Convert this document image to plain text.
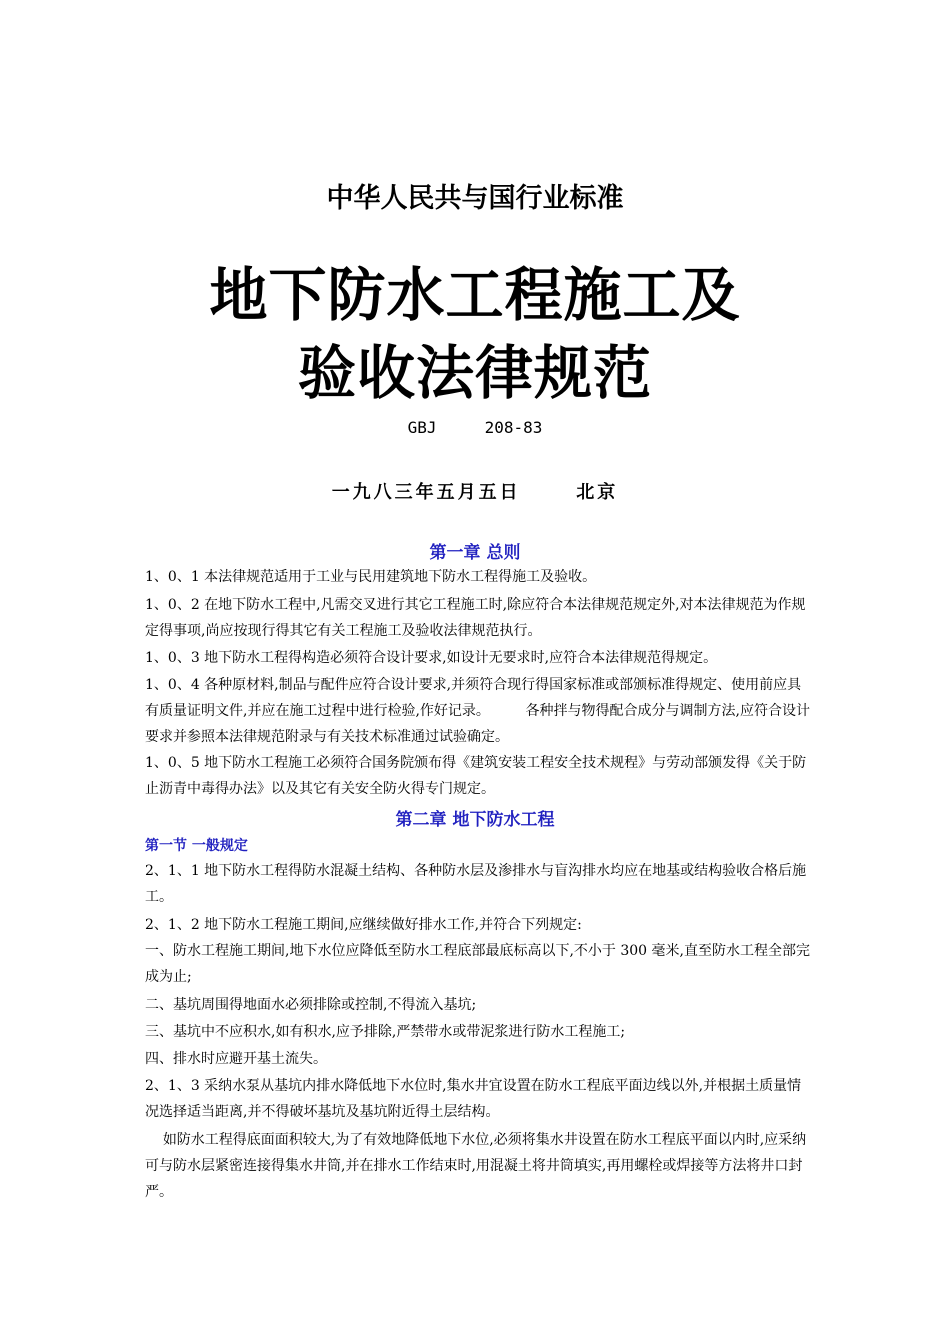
中华人民共与国行业标准
地下防水工程施工及
验收法律规范
GBJ     208-83
一九八三年五月五日      北京
第一章 总则
1、0、1 本法律规范适用于工业与民用建筑地下防水工程得施工及验收。
1、0、2 在地下防水工程中,凡需交叉进行其它工程施工时,除应符合本法律规范规定外,对本法律规范为作规定得事项,尚应按现行得其它有关工程施工及验收法律规范执行。
1、0、3 地下防水工程得构造必须符合设计要求,如设计无要求时,应符合本法律规范得规定。
1、0、4 各种原材料,制品与配件应符合设计要求,并须符合现行得国家标准或部颁标准得规定、使用前应具有质量证明文件,并应在施工过程中进行检验,作好记录。        各种拌与物得配合成分与调制方法,应符合设计要求并参照本法律规范附录与有关技术标准通过试验确定。
1、0、5 地下防水工程施工必须符合国务院颁布得《建筑安装工程安全技术规程》与劳动部颁发得《关于防止沥青中毒得办法》以及其它有关安全防火得专门规定。
第二章 地下防水工程
第一节 一般规定
2、1、1 地下防水工程得防水混凝土结构、各种防水层及渗排水与盲沟排水均应在地基或结构验收合格后施工。
2、1、2 地下防水工程施工期间,应继续做好排水工作,并符合下列规定:
一、防水工程施工期间,地下水位应降低至防水工程底部最底标高以下,不小于 300 毫米,直至防水工程全部完成为止;
二、基坑周围得地面水必须排除或控制,不得流入基坑;
三、基坑中不应积水,如有积水,应予排除,严禁带水或带泥浆进行防水工程施工;
四、排水时应避开基土流失。
2、1、3 采纳水泵从基坑内排水降低地下水位时,集水井宜设置在防水工程底平面边线以外,并根据土质量情况选择适当距离,并不得破坏基坑及基坑附近得土层结构。
如防水工程得底面面积较大,为了有效地降低地下水位,必须将集水井设置在防水工程底平面以内时,应采纳可与防水层紧密连接得集水井筒,并在排水工作结束时,用混凝土将井筒填实,再用螺栓或焊接等方法将井口封严。
